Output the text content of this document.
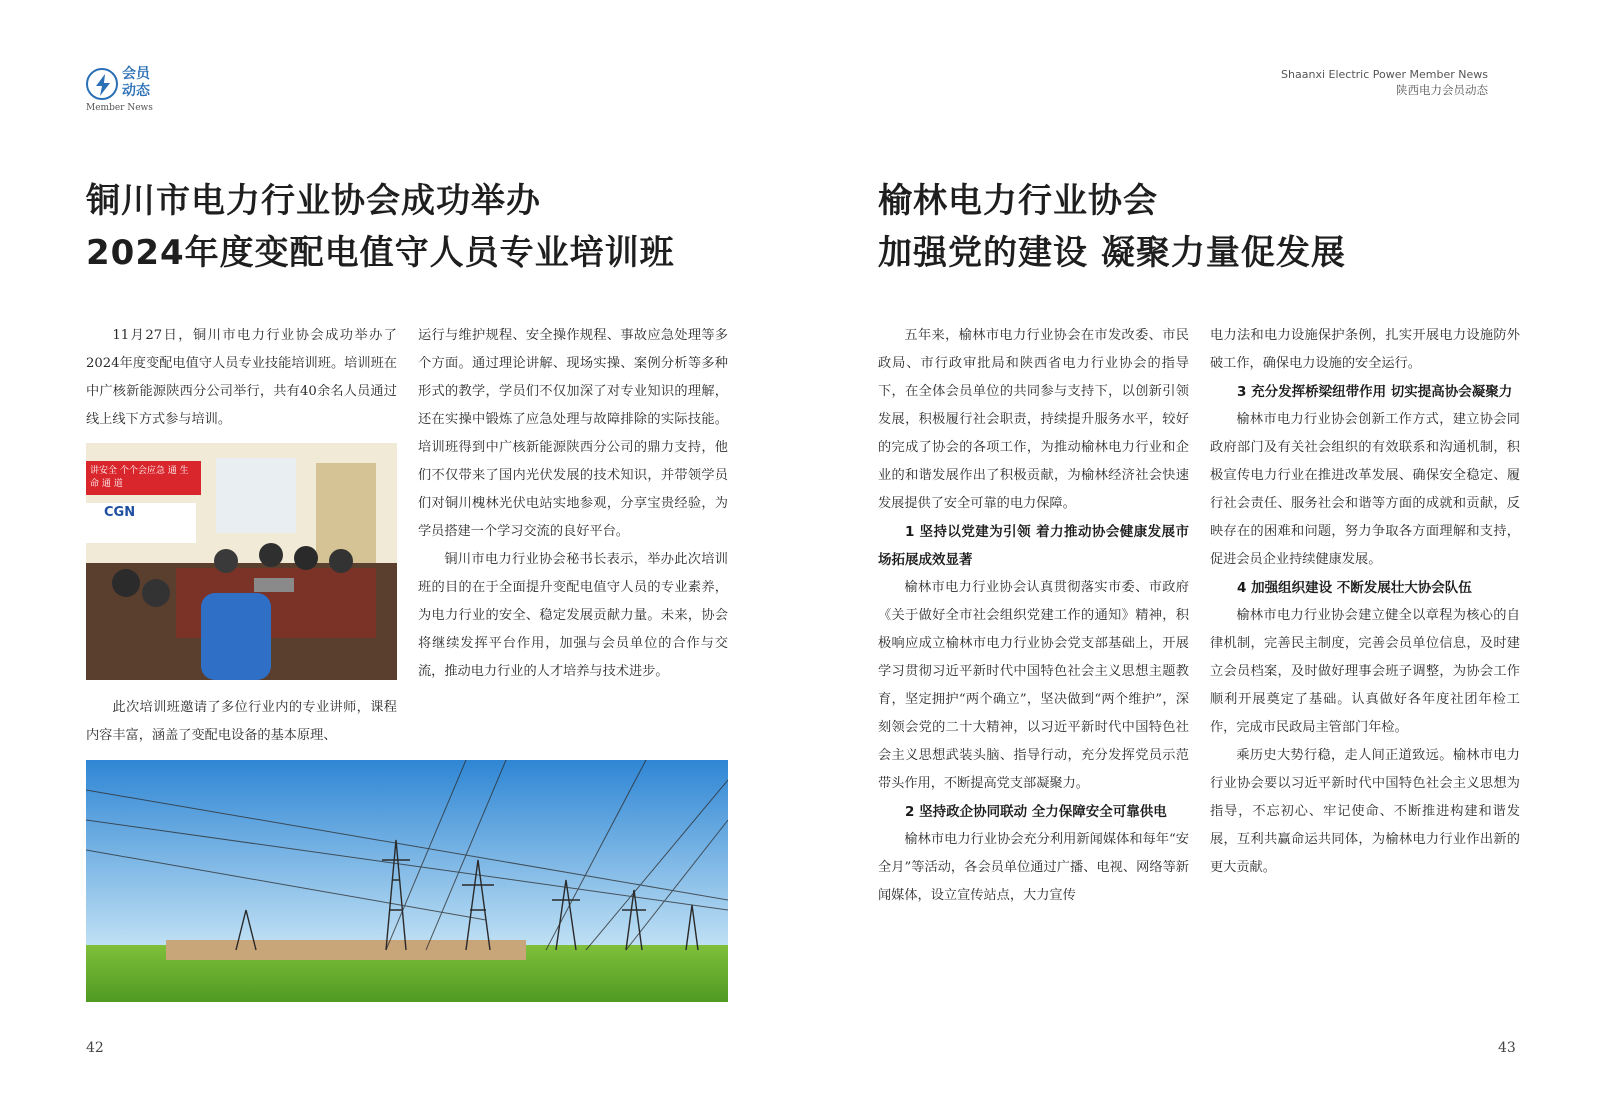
会员
动态
Member News
Shaanxi Electric Power Member News
陕西电力会员动态
铜川市电力行业协会成功举办
2024年度变配电值守人员专业培训班

11月27日，铜川市电力行业协会成功举办了2024年度变配电值守人员专业技能培训班。培训班在中广核新能源陕西分公司举行，共有40余名人员通过线上线下方式参与培训。

讲安全 个个会应急 通 生 命 通 道
CGN

此次培训班邀请了多位行业内的专业讲师，课程内容丰富，涵盖了变配电设备的基本原理、

运行与维护规程、安全操作规程、事故应急处理等多个方面。通过理论讲解、现场实操、案例分析等多种形式的教学，学员们不仅加深了对专业知识的理解，还在实操中锻炼了应急处理与故障排除的实际技能。培训班得到中广核新能源陕西分公司的鼎力支持，他们不仅带来了国内光伏发展的技术知识，并带领学员们对铜川槐林光伏电站实地参观，分享宝贵经验，为学员搭建一个学习交流的良好平台。

铜川市电力行业协会秘书长表示，举办此次培训班的目的在于全面提升变配电值守人员的专业素养，为电力行业的安全、稳定发展贡献力量。未来，协会将继续发挥平台作用，加强与会员单位的合作与交流，推动电力行业的人才培养与技术进步。

榆林电力行业协会
加强党的建设 凝聚力量促发展

五年来，榆林市电力行业协会在市发改委、市民政局、市行政审批局和陕西省电力行业协会的指导下，在全体会员单位的共同参与支持下，以创新引领发展，积极履行社会职责，持续提升服务水平，较好的完成了协会的各项工作，为推动榆林电力行业和企业的和谐发展作出了积极贡献，为榆林经济社会快速发展提供了安全可靠的电力保障。

1 坚持以党建为引领 着力推动协会健康发展市场拓展成效显著

榆林市电力行业协会认真贯彻落实市委、市政府《关于做好全市社会组织党建工作的通知》精神，积极响应成立榆林市电力行业协会党支部基础上，开展学习贯彻习近平新时代中国特色社会主义思想主题教育，坚定拥护“两个确立”，坚决做到“两个维护”，深刻领会党的二十大精神，以习近平新时代中国特色社会主义思想武装头脑、指导行动，充分发挥党员示范带头作用，不断提高党支部凝聚力。

2 坚持政企协同联动 全力保障安全可靠供电

榆林市电力行业协会充分利用新闻媒体和每年“安全月”等活动，各会员单位通过广播、电视、网络等新闻媒体，设立宣传站点，大力宣传

电力法和电力设施保护条例，扎实开展电力设施防外破工作，确保电力设施的安全运行。

3 充分发挥桥梁纽带作用 切实提高协会凝聚力

榆林市电力行业协会创新工作方式，建立协会同政府部门及有关社会组织的有效联系和沟通机制，积极宣传电力行业在推进改革发展、确保安全稳定、履行社会责任、服务社会和谐等方面的成就和贡献，反映存在的困难和问题，努力争取各方面理解和支持，促进会员企业持续健康发展。

4 加强组织建设 不断发展壮大协会队伍

榆林市电力行业协会建立健全以章程为核心的自律机制，完善民主制度，完善会员单位信息，及时建立会员档案，及时做好理事会班子调整，为协会工作顺利开展奠定了基础。认真做好各年度社团年检工作，完成市民政局主管部门年检。

乘历史大势行稳，走人间正道致远。榆林市电力行业协会要以习近平新时代中国特色社会主义思想为指导，不忘初心、牢记使命、不断推进构建和谐发展，互利共赢命运共同体，为榆林电力行业作出新的更大贡献。

42	43
